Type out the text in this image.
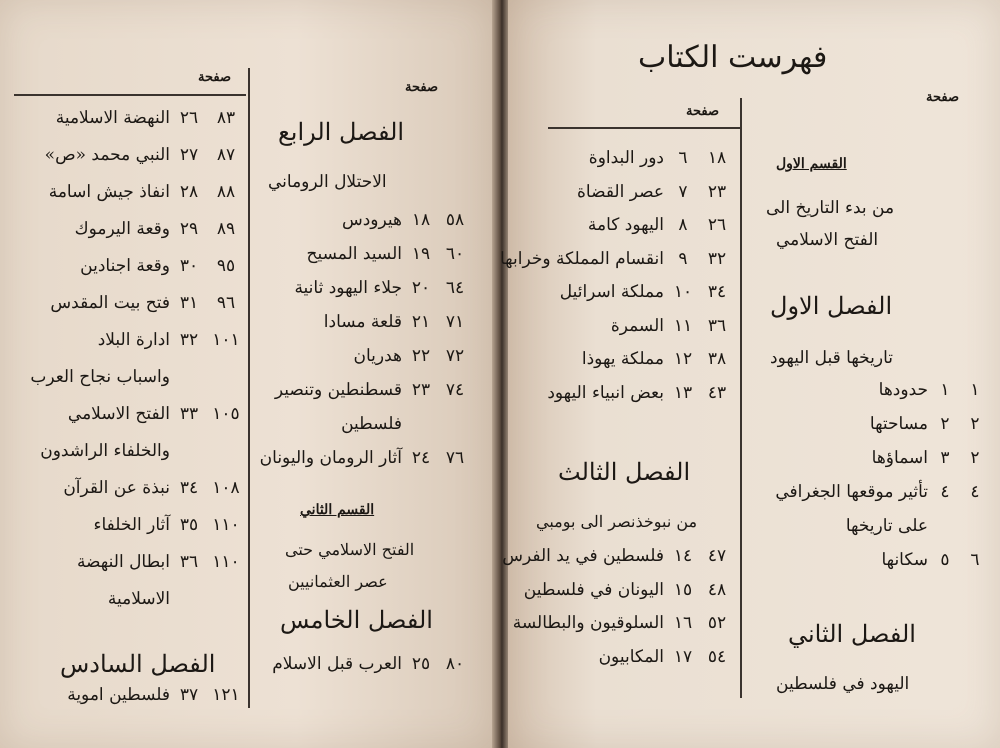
صفحة
صفحة
٨٣
٢٦
النهضة الاسلامية
٨٧
٢٧
النبي محمد «ص»
٨٨
٢٨
انفاذ جيش اسامة
٨٩
٢٩
وقعة اليرموك
٩٥
٣٠
وقعة اجنادين
٩٦
٣١
فتح بيت المقدس
١٠١
٣٢
ادارة البلاد
واسباب نجاح العرب
١٠٥
٣٣
الفتح الاسلامي
والخلفاء الراشدون
١٠٨
٣٤
نبذة عن القرآن
١١٠
٣٥
آثار الخلفاء
١١٠
٣٦
ابطال النهضة
الاسلامية
الفصل السادس
١٢١
٣٧
فلسطين اموية
الفصل الرابع
الاحتلال الروماني
٥٨
١٨
هيرودس
٦٠
١٩
السيد المسيح
٦٤
٢٠
جلاء اليهود ثانية
٧١
٢١
قلعة مسادا
٧٢
٢٢
هدريان
٧٤
٢٣
قسطنطين وتنصير
فلسطين
٧٦
٢٤
آثار الرومان واليونان
القسم الثاني
الفتح الاسلامي حتى
عصر العثمانيين
الفصل الخامس
٨٠
٢٥
العرب قبل الاسلام
فهرست الكتاب
صفحة
صفحة
القسم الاول
من بدء التاريخ الى
الفتح الاسلامي
الفصل الاول
تاريخها قبل اليهود
١
١
حدودها
٢
٢
مساحتها
٢
٣
اسماؤها
٤
٤
تأثير موقعها الجغرافي
على تاريخها
٦
٥
سكانها
الفصل الثاني
اليهود في فلسطين
١٨
٦
دور البداوة
٢٣
٧
عصر القضاة
٢٦
٨
اليهود كامة
٣٢
٩
انقسام المملكة وخرابها
٣٤
١٠
مملكة اسرائيل
٣٦
١١
السمرة
٣٨
١٢
مملكة يهوذا
٤٣
١٣
بعض انبياء اليهود
الفصل الثالث
من نبوخذنصر الى بومبي
٤٧
١٤
فلسطين في يد الفرس
٤٨
١٥
اليونان في فلسطين
٥٢
١٦
السلوقيون والبطالسة
٥٤
١٧
المكابيون
